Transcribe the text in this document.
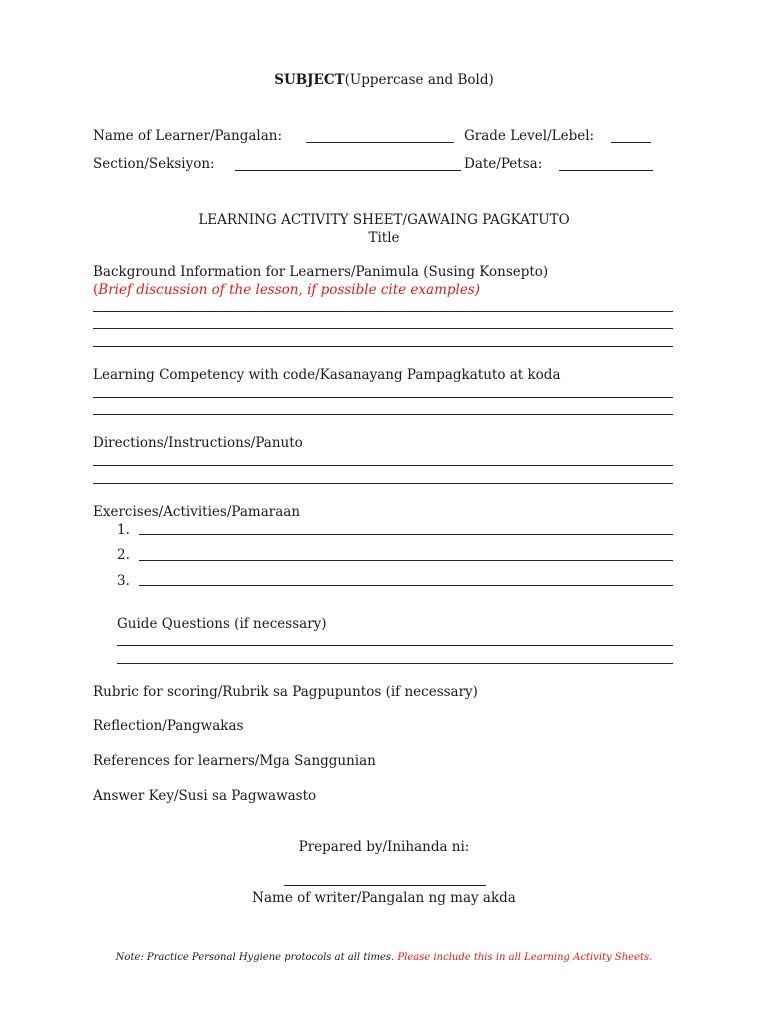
SUBJECT(Uppercase and Bold)
Name of Learner/Pangalan:	Grade Level/Lebel:
Section/Seksiyon:	Date/Petsa:
LEARNING ACTIVITY SHEET/GAWAING PAGKATUTO
Title
Background Information for Learners/Panimula (Susing Konsepto)
(Brief discussion of the lesson, if possible cite examples)
Learning Competency with code/Kasanayang Pampagkatuto at koda
Directions/Instructions/Panuto
Exercises/Activities/Pamaraan
1.
2.
3.
Guide Questions (if necessary)
Rubric for scoring/Rubrik sa Pagpupuntos (if necessary)
Reflection/Pangwakas
References for learners/Mga Sanggunian
Answer Key/Susi sa Pagwawasto
Prepared by/Inihanda ni:
Name of writer/Pangalan ng may akda
Note: Practice Personal Hygiene protocols at all times. Please include this in all Learning Activity Sheets.
